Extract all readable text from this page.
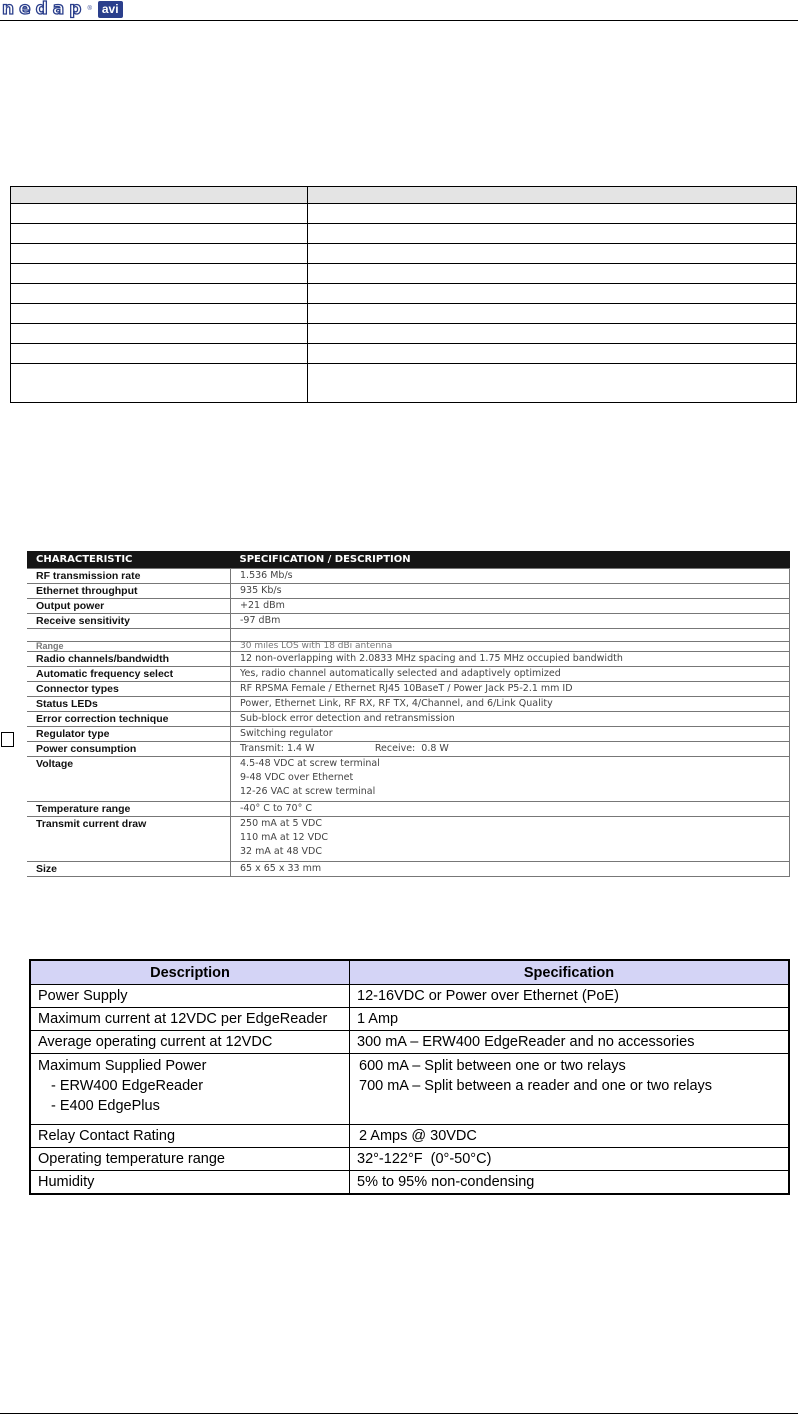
nedap ® avi

CHARACTERISTIC	SPECIFICATION / DESCRIPTION
RF transmission rate	1.536 Mb/s
Ethernet throughput	935 Kb/s
Output power	+21 dBm
Receive sensitivity	-97 dBm

Range	30 miles LOS with 18 dBi antenna
Radio channels/bandwidth	12 non-overlapping with 2.0833 MHz spacing and 1.75 MHz occupied bandwidth
Automatic frequency select	Yes, radio channel automatically selected and adaptively optimized
Connector types	RF RPSMA Female / Ethernet RJ45 10BaseT / Power Jack P5-2.1 mm ID
Status LEDs	Power, Ethernet Link, RF RX, RF TX, 4/Channel, and 6/Link Quality
Error correction technique	Sub-block error detection and retransmission
Regulator type	Switching regulator
Power consumption	Transmit: 1.4 W                    Receive:  0.8 W
Voltage	4.5-48 VDC at screw terminal
9-48 VDC over Ethernet
12-26 VAC at screw terminal

Temperature range	-40° C to 70° C
Transmit current draw	250 mA at 5 VDC
110 mA at 12 VDC
32 mA at 48 VDC

Size	65 x 65 x 33 mm
Description	Specification
Power Supply	12-16VDC or Power over Ethernet (PoE)
Maximum current at 12VDC per EdgeReader	1 Amp
Average operating current at 12VDC	300 mA – ERW400 EdgeReader and no accessories

Maximum Supplied Power
- ERW400 EdgeReader
- E400 EdgePlus	600 mA – Split between one or two relays
700 mA – Split between a reader and one or two relays

Relay Contact Rating	2 Amps @ 30VDC
Operating temperature range	32°-122°F  (0°-50°C)
Humidity	5% to 95% non-condensing
